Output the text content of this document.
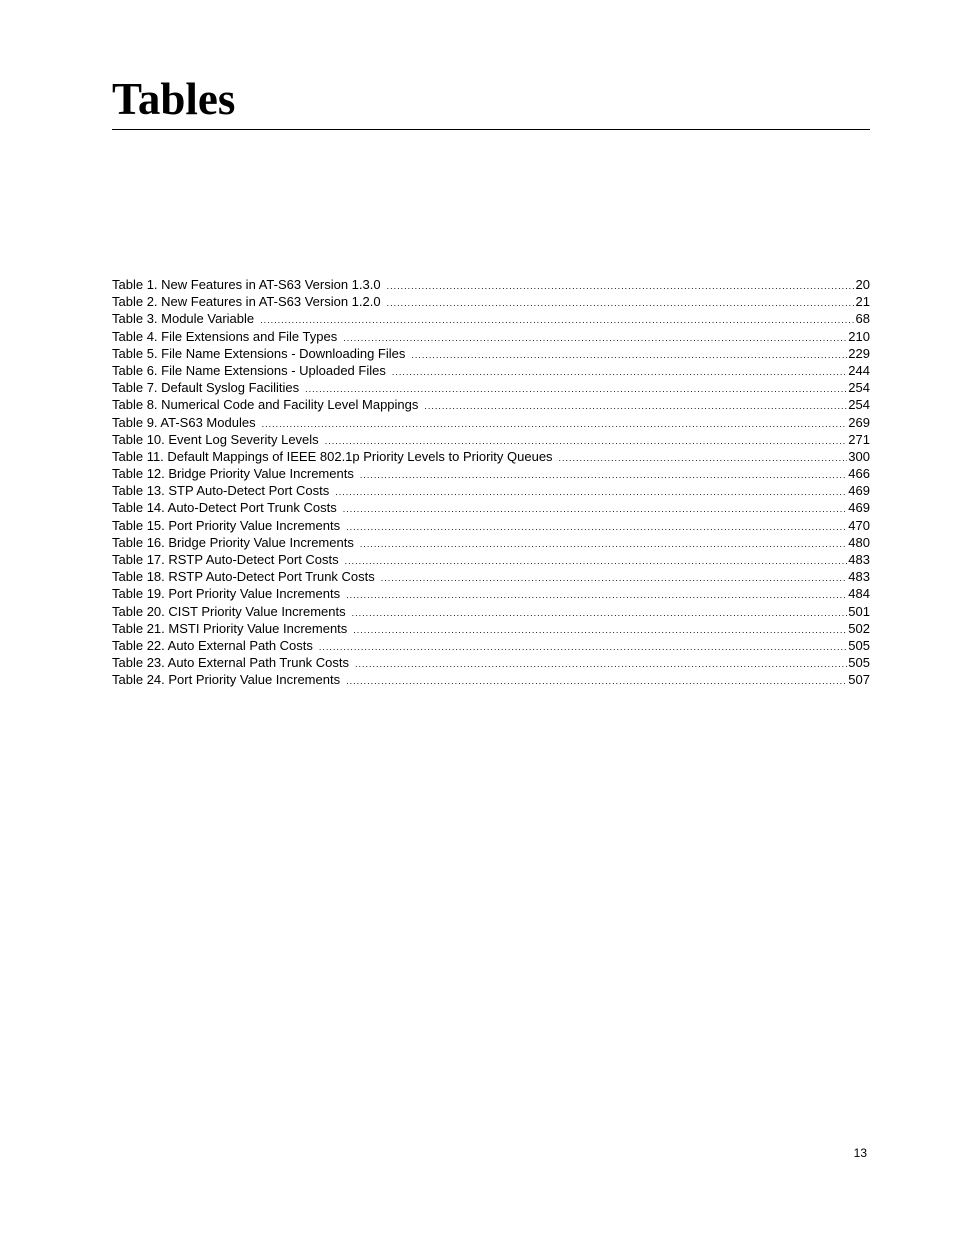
Tables
Table 1. New Features in AT-S63 Version 1.3.0 .....	20
Table 2. New Features in AT-S63 Version 1.2.0 .....	21
Table 3. Module Variable .....	68
Table 4. File Extensions and File Types .....	210
Table 5. File Name Extensions - Downloading Files .....	229
Table 6. File Name Extensions - Uploaded Files .....	244
Table 7. Default Syslog Facilities .....	254
Table 8. Numerical Code and Facility Level Mappings .....	254
Table 9. AT-S63 Modules .....	269
Table 10. Event Log Severity Levels .....	271
Table 11. Default Mappings of IEEE 802.1p Priority Levels to Priority Queues .....	300
Table 12. Bridge Priority Value Increments .....	466
Table 13. STP Auto-Detect Port Costs .....	469
Table 14. Auto-Detect Port Trunk Costs .....	469
Table 15. Port Priority Value Increments .....	470
Table 16. Bridge Priority Value Increments .....	480
Table 17. RSTP Auto-Detect Port Costs .....	483
Table 18. RSTP Auto-Detect Port Trunk Costs .....	483
Table 19. Port Priority Value Increments .....	484
Table 20. CIST Priority Value Increments .....	501
Table 21. MSTI Priority Value Increments .....	502
Table 22. Auto External Path Costs .....	505
Table 23. Auto External Path Trunk Costs .....	505
Table 24. Port Priority Value Increments .....	507
13
